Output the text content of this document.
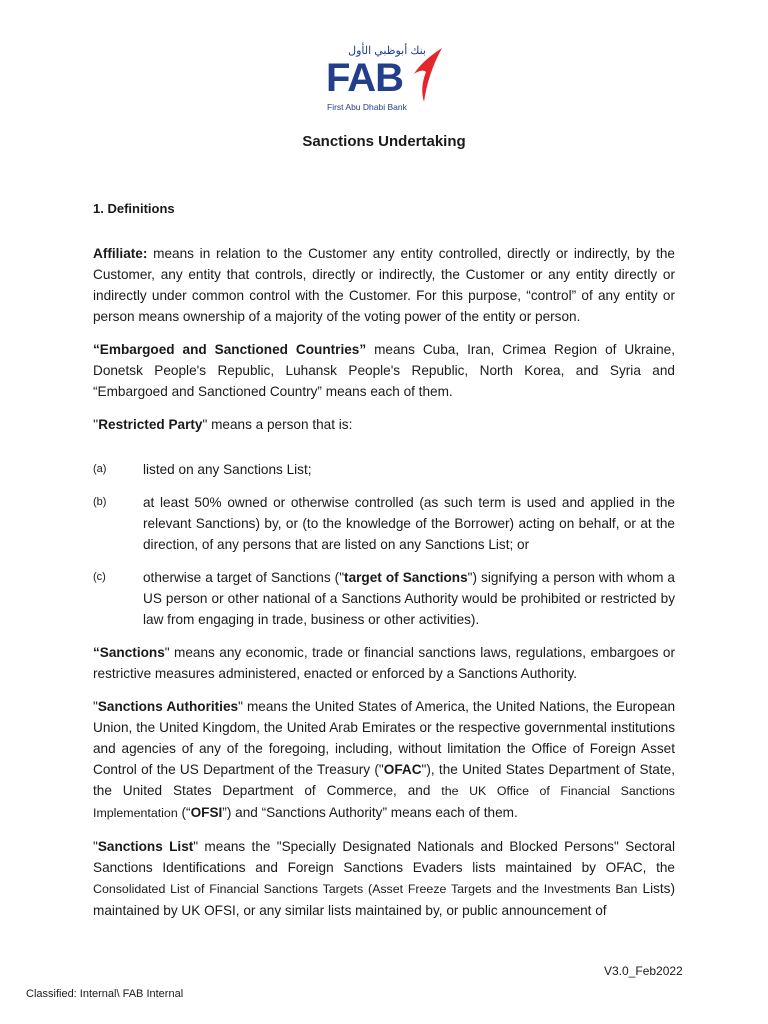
بنك أبوظبي الأول
FAB
First Abu Dhabi Bank
Sanctions Undertaking
1. Definitions

Affiliate: means in relation to the Customer any entity controlled, directly or indirectly, by the Customer, any entity that controls, directly or indirectly, the Customer or any entity directly or indirectly under common control with the Customer. For this purpose, “control” of any entity or person means ownership of a majority of the voting power of the entity or person.

“Embargoed and Sanctioned Countries” means Cuba, Iran, Crimea Region of Ukraine, Donetsk People's Republic, Luhansk People's Republic, North Korea, and Syria and “Embargoed and Sanctioned Country” means each of them.

''Restricted Party" means a person that is:

(a)	listed on any Sanctions List;
(b)	at least 50% owned or otherwise controlled (as such term is used and applied in the relevant Sanctions) by, or (to the knowledge of the Borrower) acting on behalf, or at the direction, of any persons that are listed on any Sanctions List; or
(c)	otherwise a target of Sanctions ("target of Sanctions") signifying a person with whom a US person or other national of a Sanctions Authority would be prohibited or restricted by law from engaging in trade, business or other activities).

“Sanctions" means any economic, trade or financial sanctions laws, regulations, embargoes or restrictive measures administered, enacted or enforced by a Sanctions Authority.

"Sanctions Authorities" means the United States of America, the United Nations, the European Union, the United Kingdom, the United Arab Emirates or the respective governmental institutions and agencies of any of the foregoing, including, without limitation the Office of Foreign Asset Control of the US Department of the Treasury ("OFAC"), the United States Department of State, the United States Department of Commerce, and the UK Office of Financial Sanctions Implementation (“OFSI”) and “Sanctions Authority” means each of them.

"Sanctions List" means the "Specially Designated Nationals and Blocked Persons" Sectoral Sanctions Identifications and Foreign Sanctions Evaders lists maintained by OFAC, the Consolidated List of Financial Sanctions Targets (Asset Freeze Targets and the Investments Ban Lists) maintained by UK OFSI, or any similar lists maintained by, or public announcement of

V3.0_Feb2022
Classified: Internal\ FAB Internal
